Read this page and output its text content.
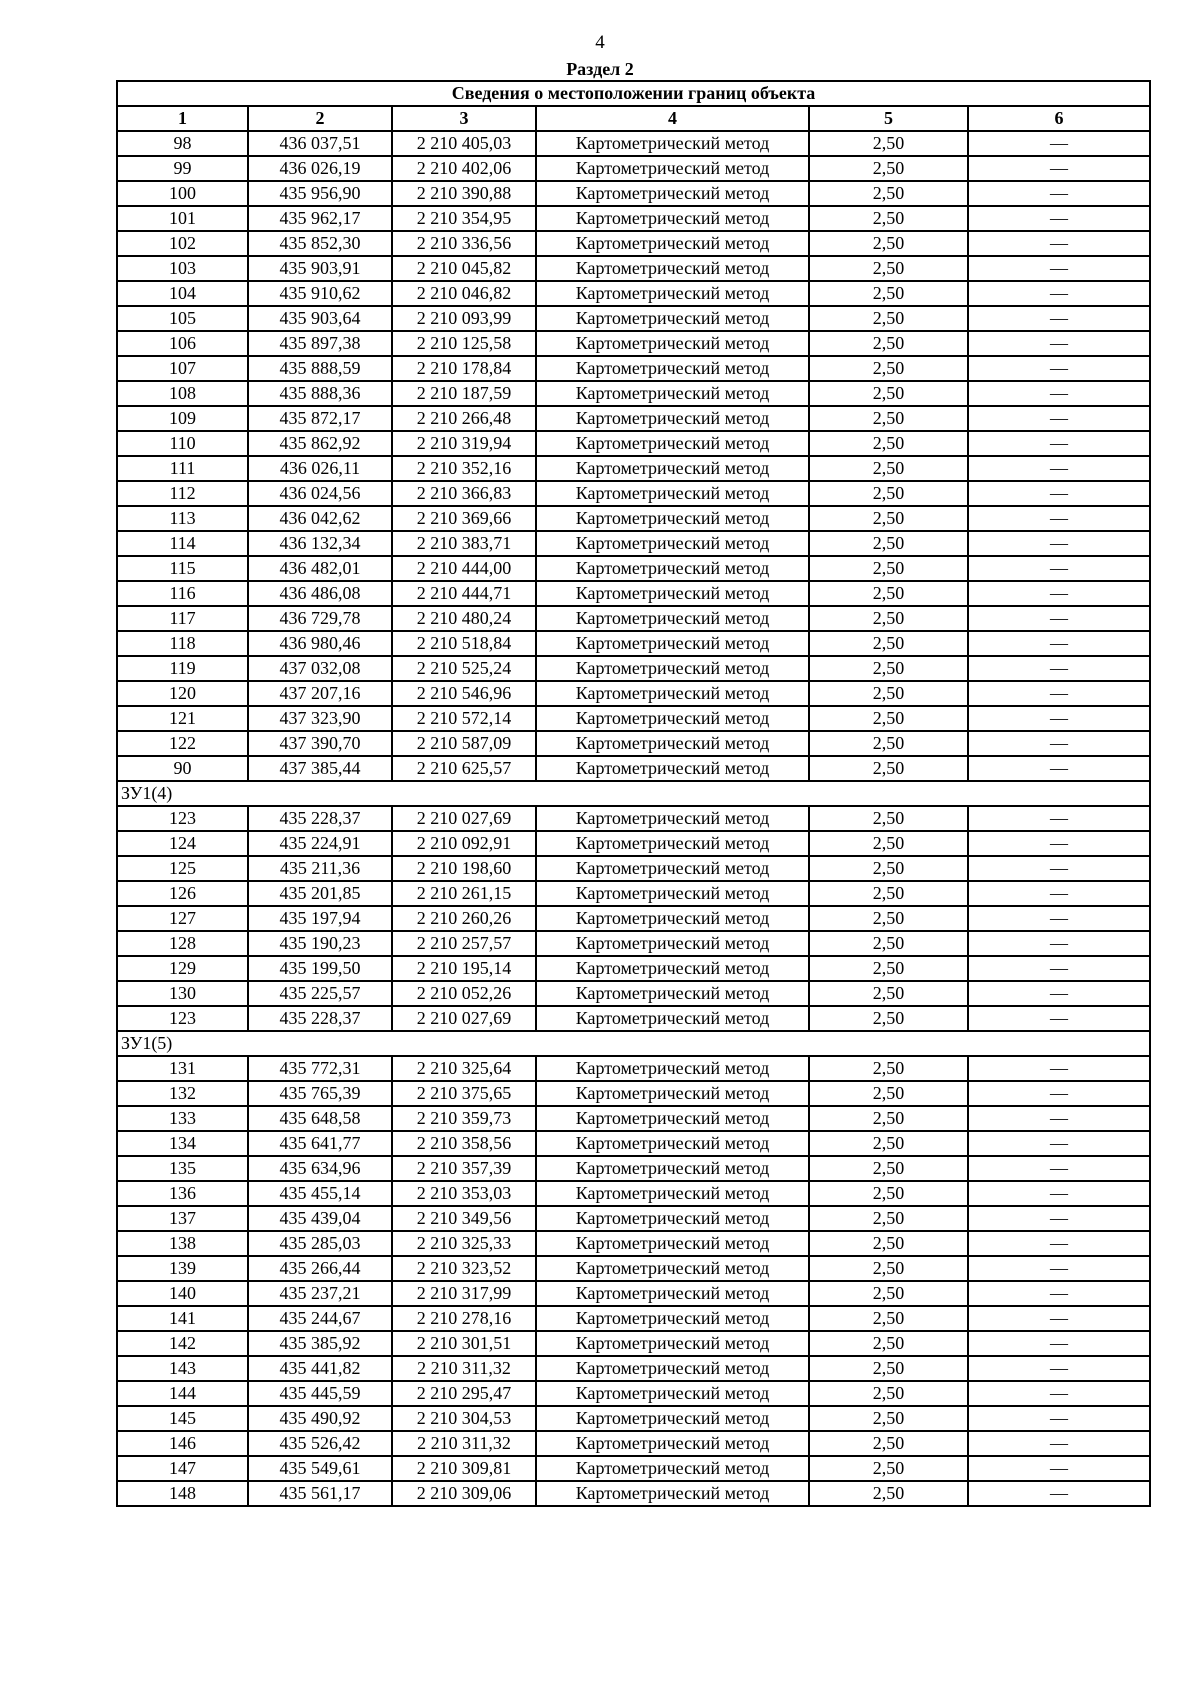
4
Раздел 2
Сведения о местоположении границ объекта					
1	2	3	4	5	6
98	436 037,51	2 210 405,03	Картометрический метод	2,50	—
99	436 026,19	2 210 402,06	Картометрический метод	2,50	—
100	435 956,90	2 210 390,88	Картометрический метод	2,50	—
101	435 962,17	2 210 354,95	Картометрический метод	2,50	—
102	435 852,30	2 210 336,56	Картометрический метод	2,50	—
103	435 903,91	2 210 045,82	Картометрический метод	2,50	—
104	435 910,62	2 210 046,82	Картометрический метод	2,50	—
105	435 903,64	2 210 093,99	Картометрический метод	2,50	—
106	435 897,38	2 210 125,58	Картометрический метод	2,50	—
107	435 888,59	2 210 178,84	Картометрический метод	2,50	—
108	435 888,36	2 210 187,59	Картометрический метод	2,50	—
109	435 872,17	2 210 266,48	Картометрический метод	2,50	—
110	435 862,92	2 210 319,94	Картометрический метод	2,50	—
111	436 026,11	2 210 352,16	Картометрический метод	2,50	—
112	436 024,56	2 210 366,83	Картометрический метод	2,50	—
113	436 042,62	2 210 369,66	Картометрический метод	2,50	—
114	436 132,34	2 210 383,71	Картометрический метод	2,50	—
115	436 482,01	2 210 444,00	Картометрический метод	2,50	—
116	436 486,08	2 210 444,71	Картометрический метод	2,50	—
117	436 729,78	2 210 480,24	Картометрический метод	2,50	—
118	436 980,46	2 210 518,84	Картометрический метод	2,50	—
119	437 032,08	2 210 525,24	Картометрический метод	2,50	—
120	437 207,16	2 210 546,96	Картометрический метод	2,50	—
121	437 323,90	2 210 572,14	Картометрический метод	2,50	—
122	437 390,70	2 210 587,09	Картометрический метод	2,50	—
90	437 385,44	2 210 625,57	Картометрический метод	2,50	—
ЗУ1(4)					
123	435 228,37	2 210 027,69	Картометрический метод	2,50	—
124	435 224,91	2 210 092,91	Картометрический метод	2,50	—
125	435 211,36	2 210 198,60	Картометрический метод	2,50	—
126	435 201,85	2 210 261,15	Картометрический метод	2,50	—
127	435 197,94	2 210 260,26	Картометрический метод	2,50	—
128	435 190,23	2 210 257,57	Картометрический метод	2,50	—
129	435 199,50	2 210 195,14	Картометрический метод	2,50	—
130	435 225,57	2 210 052,26	Картометрический метод	2,50	—
123	435 228,37	2 210 027,69	Картометрический метод	2,50	—
ЗУ1(5)					
131	435 772,31	2 210 325,64	Картометрический метод	2,50	—
132	435 765,39	2 210 375,65	Картометрический метод	2,50	—
133	435 648,58	2 210 359,73	Картометрический метод	2,50	—
134	435 641,77	2 210 358,56	Картометрический метод	2,50	—
135	435 634,96	2 210 357,39	Картометрический метод	2,50	—
136	435 455,14	2 210 353,03	Картометрический метод	2,50	—
137	435 439,04	2 210 349,56	Картометрический метод	2,50	—
138	435 285,03	2 210 325,33	Картометрический метод	2,50	—
139	435 266,44	2 210 323,52	Картометрический метод	2,50	—
140	435 237,21	2 210 317,99	Картометрический метод	2,50	—
141	435 244,67	2 210 278,16	Картометрический метод	2,50	—
142	435 385,92	2 210 301,51	Картометрический метод	2,50	—
143	435 441,82	2 210 311,32	Картометрический метод	2,50	—
144	435 445,59	2 210 295,47	Картометрический метод	2,50	—
145	435 490,92	2 210 304,53	Картометрический метод	2,50	—
146	435 526,42	2 210 311,32	Картометрический метод	2,50	—
147	435 549,61	2 210 309,81	Картометрический метод	2,50	—
148	435 561,17	2 210 309,06	Картометрический метод	2,50	—
